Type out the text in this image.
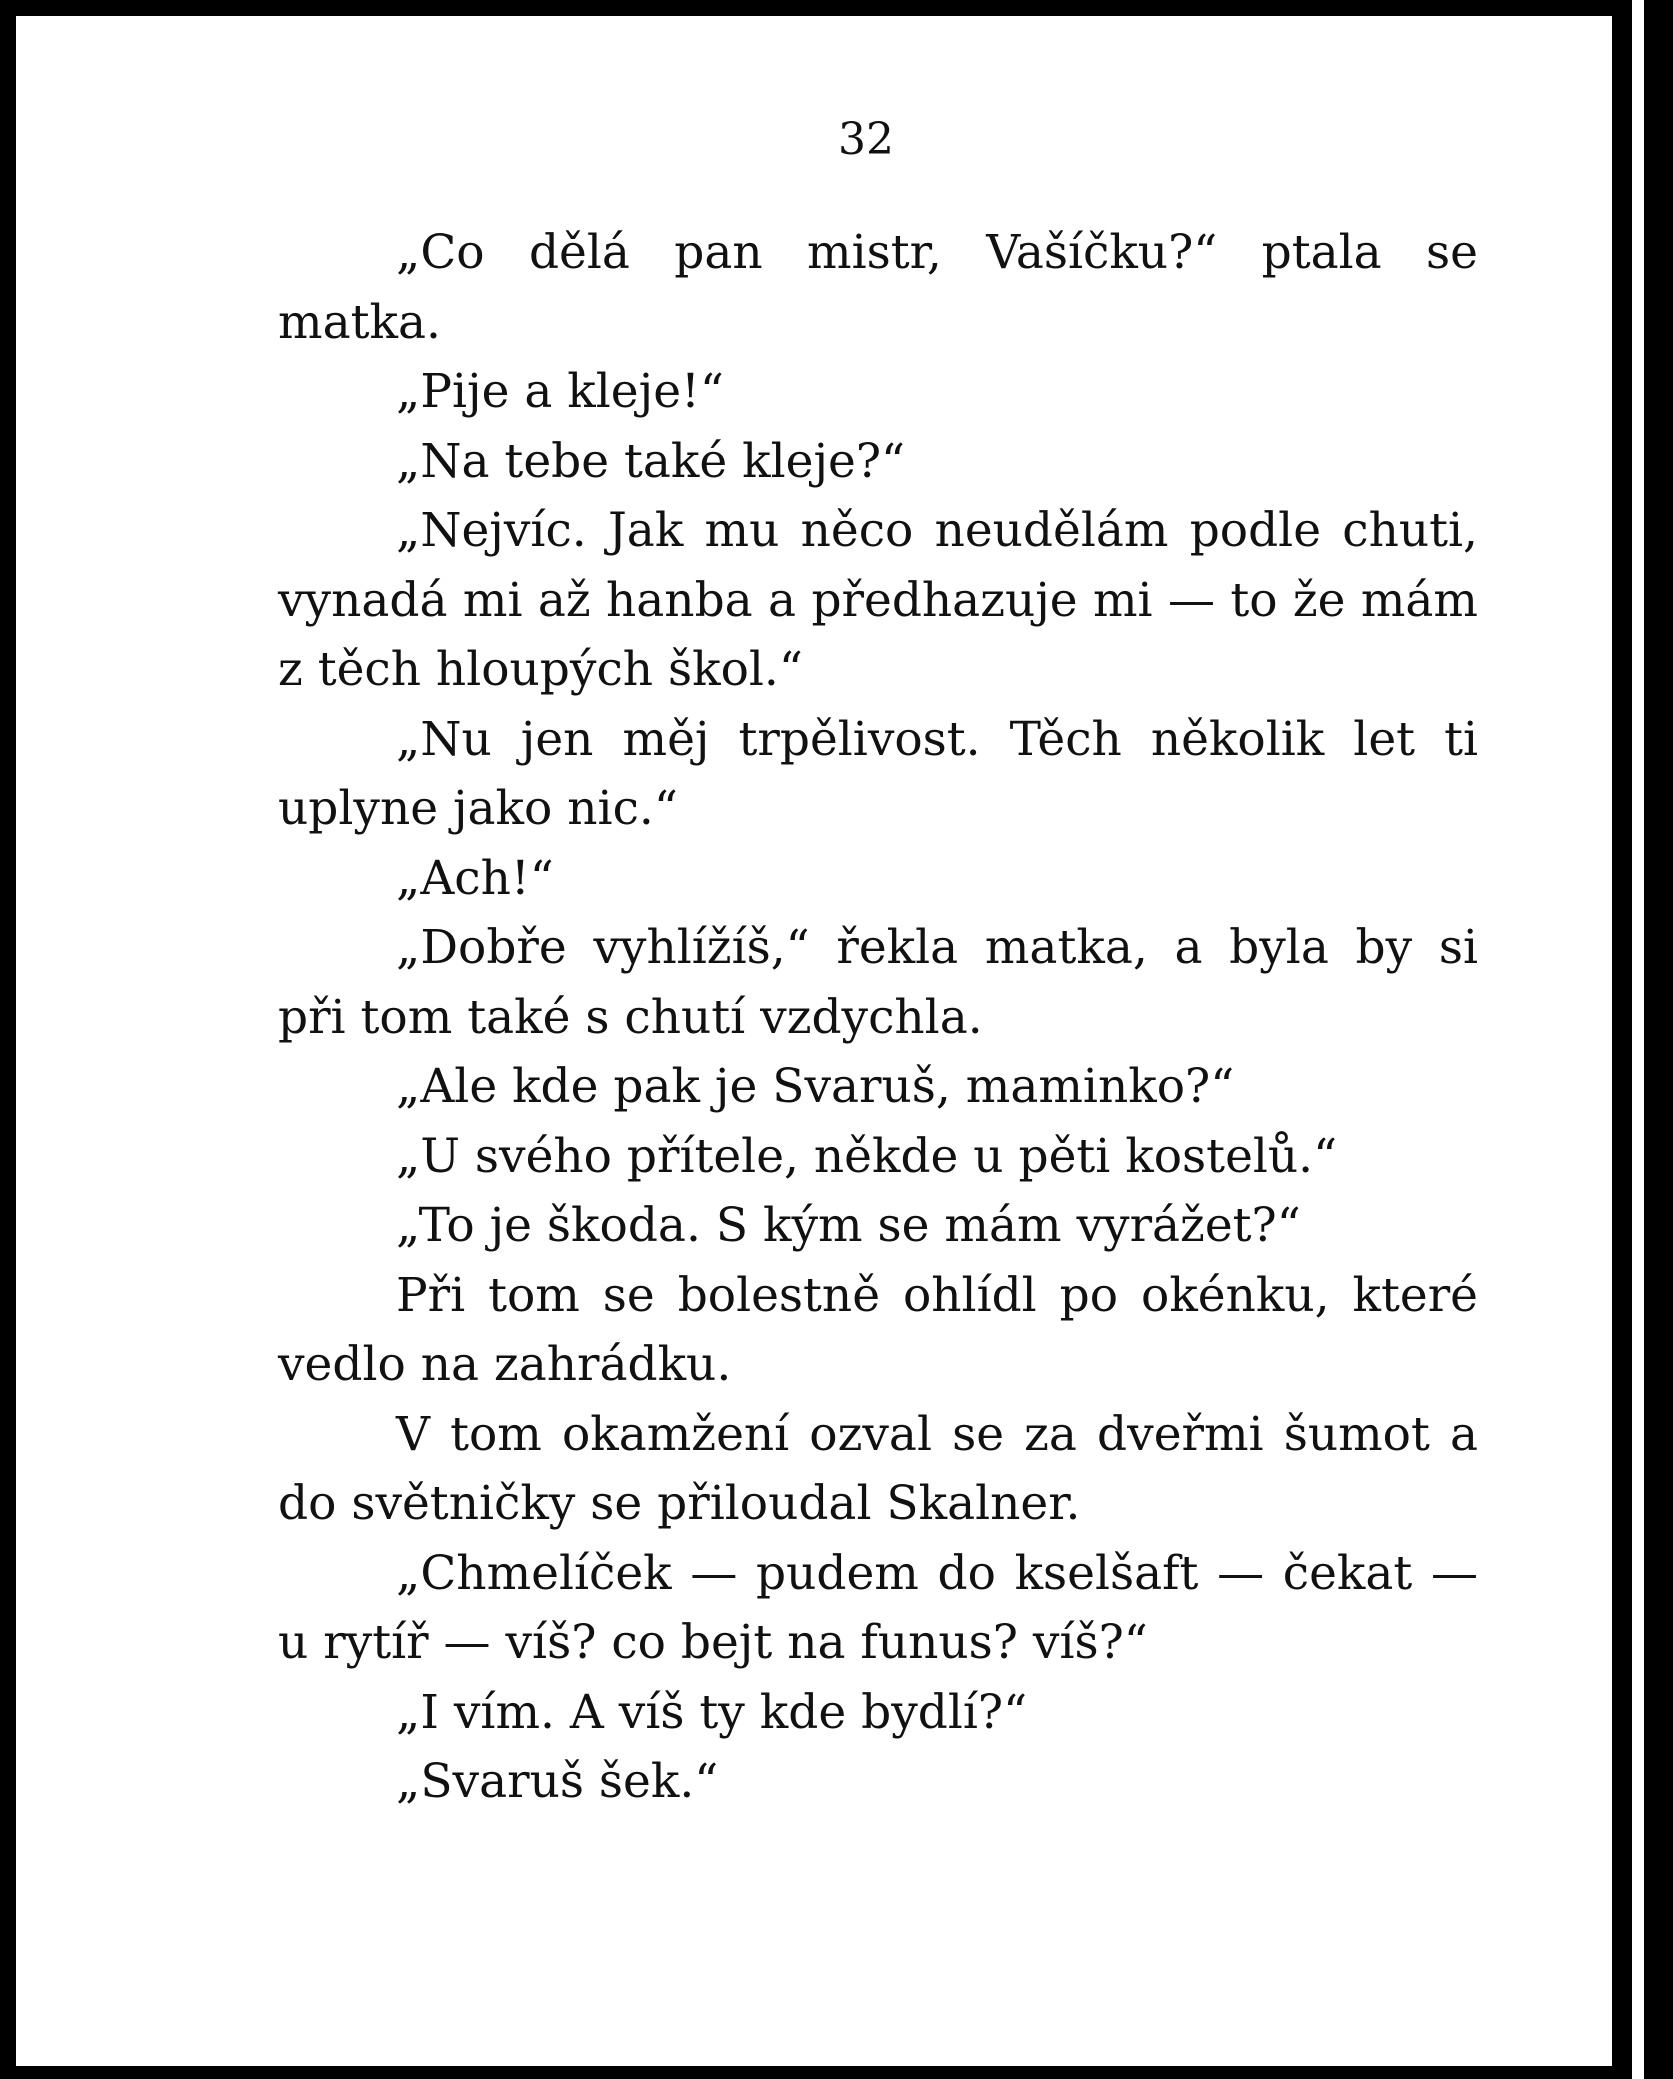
32

„Co dělá pan mistr, Vašíčku?“ ptala se matka.

„Pije a kleje!“

„Na tebe také kleje?“

„Nejvíc. Jak mu něco neudělám podle chuti, vynadá mi až hanba a předhazuje mi — to že mám z těch hloupých škol.“

„Nu jen měj trpělivost. Těch několik let ti uplyne jako nic.“

„Ach!“

„Dobře vyhlížíš,“ řekla matka, a byla by si při tom také s chutí vzdychla.

„Ale kde pak je Svaruš, maminko?“

„U svého přítele, někde u pěti kostelů.“

„To je škoda. S kým se mám vyrážet?“

Při tom se bolestně ohlídl po okénku, které vedlo na zahrádku.

V tom okamžení ozval se za dveřmi šumot a do světničky se přiloudal Skalner.

„Chmelíček — pudem do kselšaft — čekat — u rytíř — víš? co bejt na funus? víš?“

„I vím. A víš ty kde bydlí?“

„Svaruš šek.“
